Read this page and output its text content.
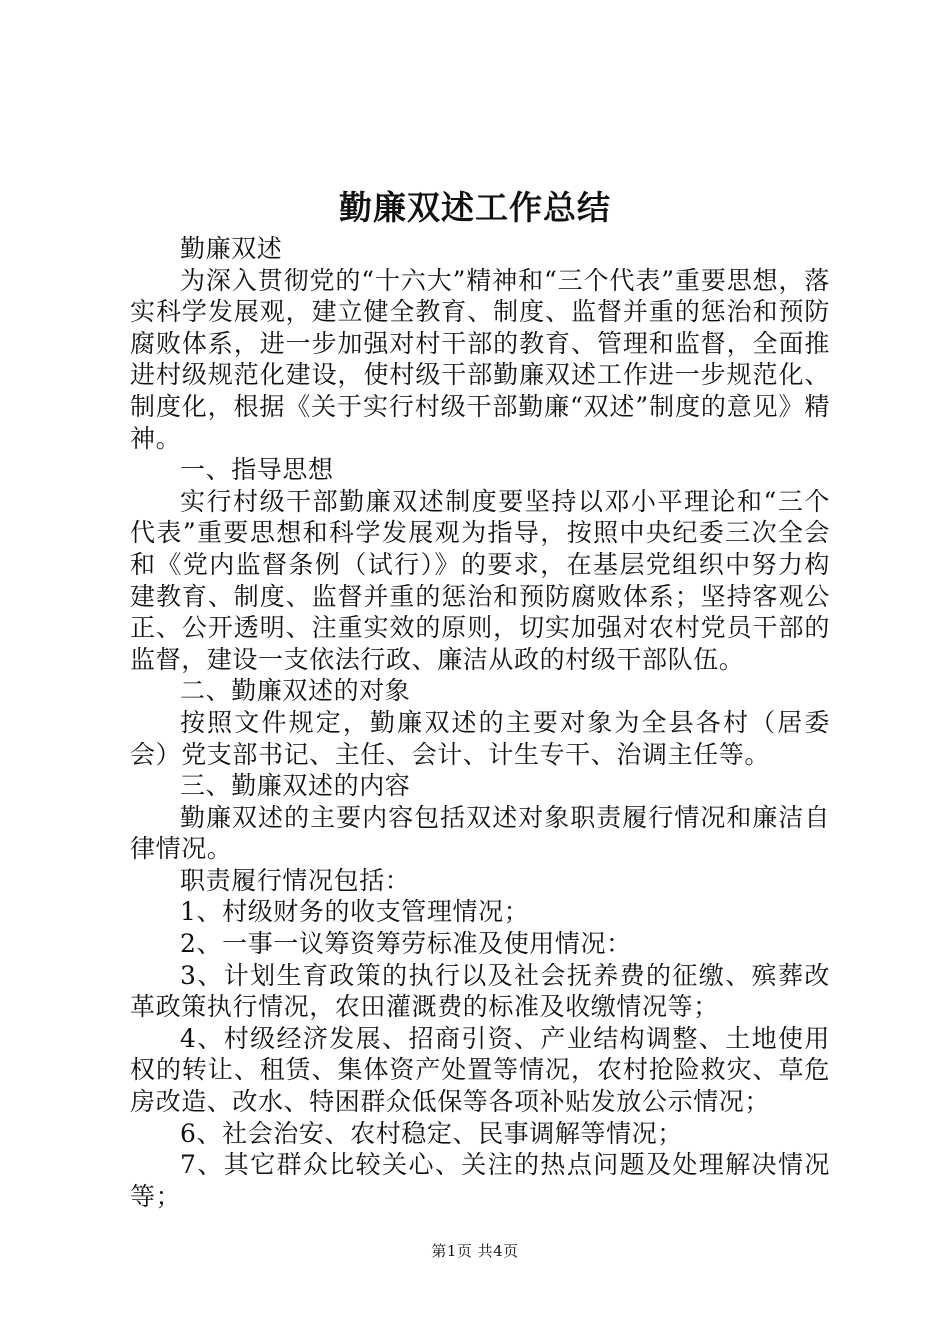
勤廉双述工作总结

勤廉双述

为深入贯彻党的“十六大”精神和“三个代表”重要思想，落实科学发展观，建立健全教育、制度、监督并重的惩治和预防腐败体系，进一步加强对村干部的教育、管理和监督，全面推进村级规范化建设，使村级干部勤廉双述工作进一步规范化、制度化，根据《关于实行村级干部勤廉“双述”制度的意见》精神。

一、指导思想

实行村级干部勤廉双述制度要坚持以邓小平理论和“三个代表”重要思想和科学发展观为指导，按照中央纪委三次全会和《党内监督条例（试行）》的要求，在基层党组织中努力构建教育、制度、监督并重的惩治和预防腐败体系；坚持客观公正、公开透明、注重实效的原则，切实加强对农村党员干部的监督，建设一支依法行政、廉洁从政的村级干部队伍。

二、勤廉双述的对象

按照文件规定，勤廉双述的主要对象为全县各村（居委会）党支部书记、主任、会计、计生专干、治调主任等。

三、勤廉双述的内容

勤廉双述的主要内容包括双述对象职责履行情况和廉洁自律情况。

职责履行情况包括：

1、村级财务的收支管理情况；

2、一事一议筹资筹劳标准及使用情况：

3、计划生育政策的执行以及社会抚养费的征缴、殡葬改革政策执行情况，农田灌溉费的标准及收缴情况等；

4、村级经济发展、招商引资、产业结构调整、土地使用权的转让、租赁、集体资产处置等情况，农村抢险救灾、草危房改造、改水、特困群众低保等各项补贴发放公示情况；

6、社会治安、农村稳定、民事调解等情况；

7、其它群众比较关心、关注的热点问题及处理解决情况等；

第1页 共4页
